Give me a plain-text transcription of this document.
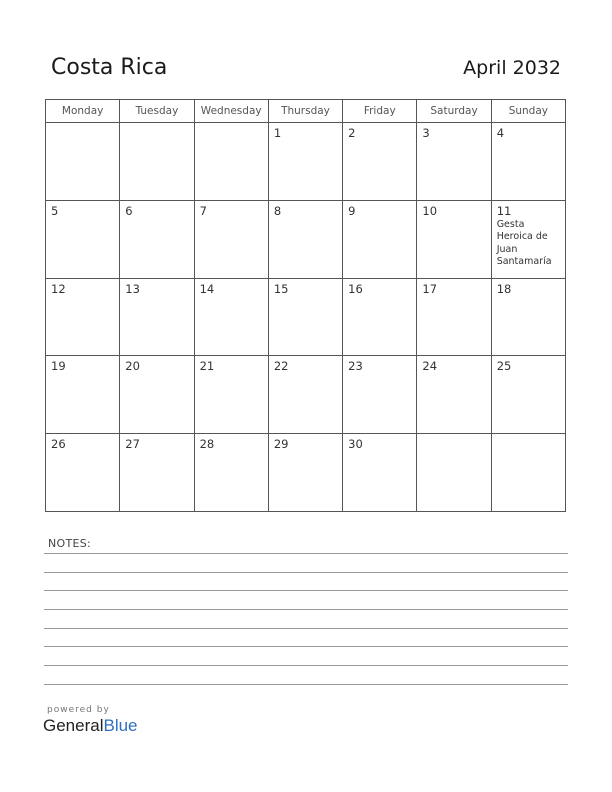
Costa Rica	April 2032
Monday	Tuesday	Wednesday	Thursday	Friday	Saturday	Sunday

			1	2	3	4

5	6	7	8	9	10	11
Gesta Heroica de Juan Santamaría

12	13	14	15	16	17	18

19	20	21	22	23	24	25

26	27	28	29	30		

NOTES:
powered by
GeneralBlue
